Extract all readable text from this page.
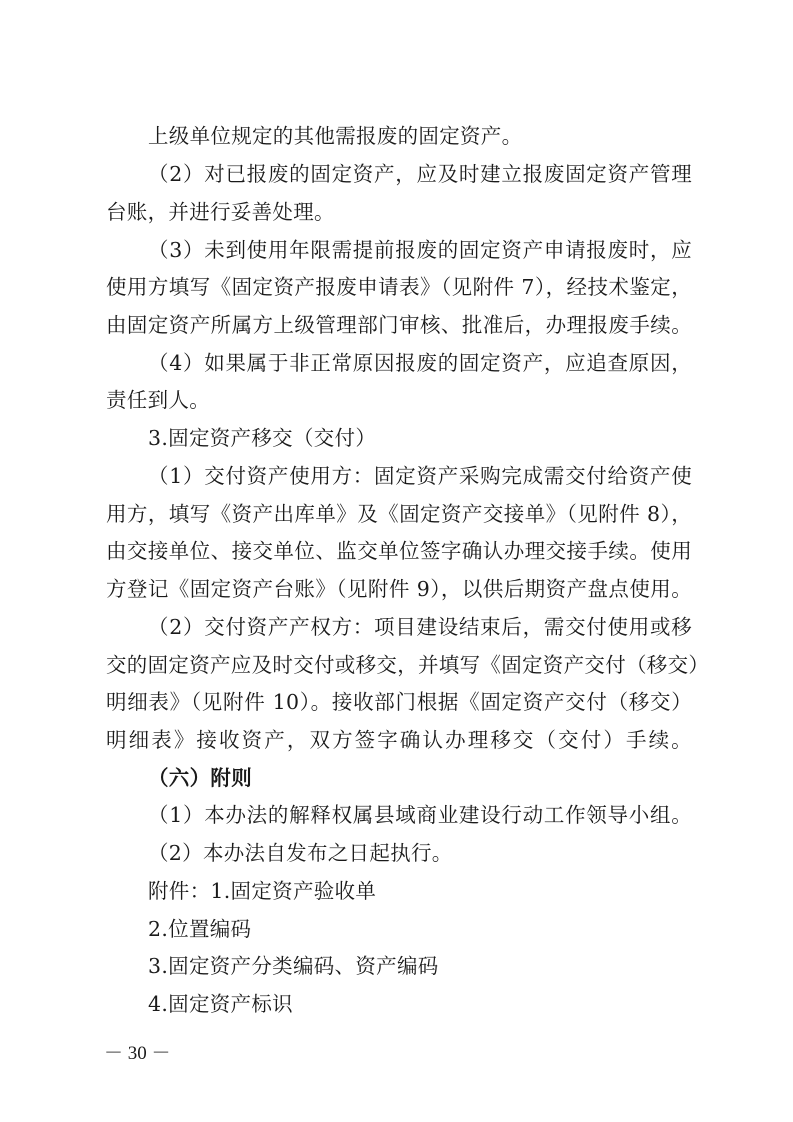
上级单位规定的其他需报废的固定资产。
（2）对已报废的固定资产，应及时建立报废固定资产管理
台账，并进行妥善处理。
（3）未到使用年限需提前报废的固定资产申请报废时，应
使用方填写《固定资产报废申请表》（见附件 7），经技术鉴定，
由固定资产所属方上级管理部门审核、批准后，办理报废手续。
（4）如果属于非正常原因报废的固定资产，应追查原因，
责任到人。
3.固定资产移交（交付）
（1）交付资产使用方：固定资产采购完成需交付给资产使
用方，填写《资产出库单》及《固定资产交接单》（见附件 8），
由交接单位、接交单位、监交单位签字确认办理交接手续。使用
方登记《固定资产台账》（见附件 9），以供后期资产盘点使用。
（2）交付资产产权方：项目建设结束后，需交付使用或移
交的固定资产应及时交付或移交，并填写《固定资产交付（移交）
明细表》（见附件 10）。接收部门根据《固定资产交付（移交）
明细表》接收资产，双方签字确认办理移交（交付）手续。
（六）附则
（1）本办法的解释权属县域商业建设行动工作领导小组。
（2）本办法自发布之日起执行。
附件：1.固定资产验收单
2.位置编码
3.固定资产分类编码、资产编码
4.固定资产标识
－ 30 －
